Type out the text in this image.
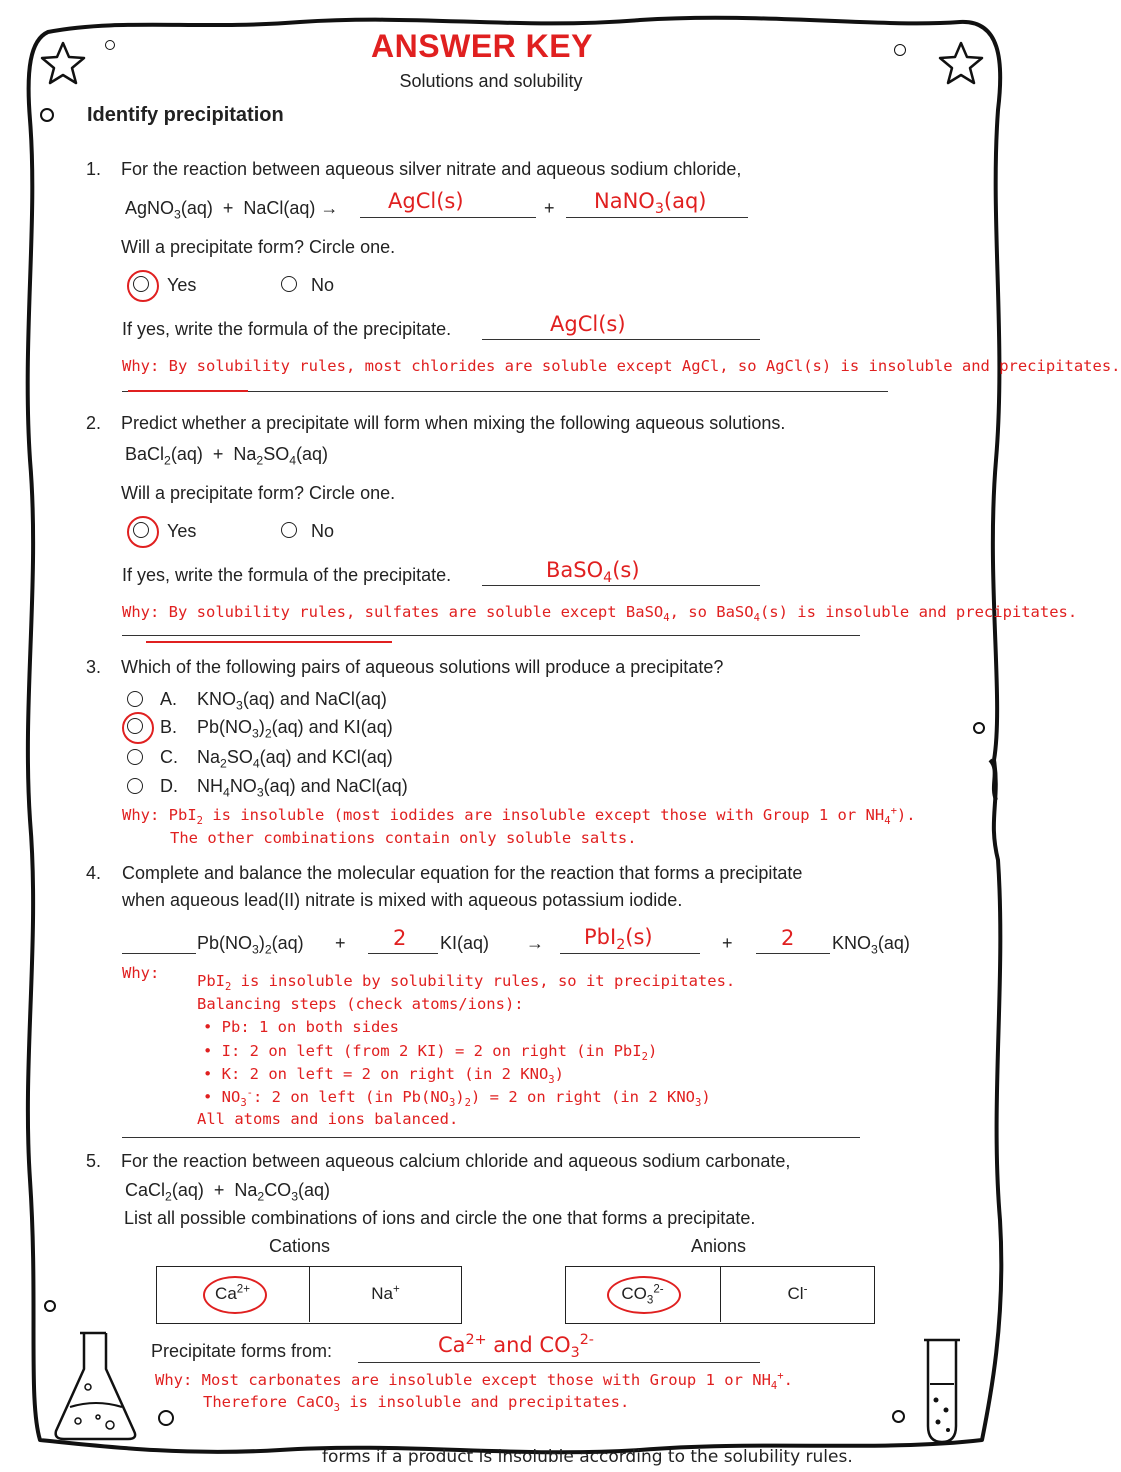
ANSWER KEY
Solutions and solubility
Identify precipitation
1. For the reaction between aqueous silver nitrate and aqueous sodium chloride,
AgNO$_3$(aq)  +  NaCl(aq) → AgCl(s)	+ NaNO$_3$(aq)
Will a precipitate form? Circle one.
Yes	No
If yes, write the formula of the precipitate.	AgCl(s)
Why: By solubility rules, most chlorides are soluble except AgCl, so AgCl(s) is insoluble and precipitates.
2. Predict whether a precipitate will form when mixing the following aqueous solutions.
BaCl$_2$(aq)  +  $Na_2SO_4(aq)$
Will a precipitate form? Circle one.
Yes	No
If yes, write the formula of the precipitate.	BaSO$_4$(s)
Why: By solubility rules, sulfates are soluble except BaSO$_4$, so BaSO$_4$(s) is insoluble and precipitates.
3. Which of the following pairs of aqueous solutions will produce a precipitate?
A. $KNO_3(aq)$ and NaCl(aq)
B. $Pb(NO_3)_2(aq)$ and KI(aq)
C. $Na_2SO_4(aq)$ and KCl(aq)
D. $NH_4NO_3(aq)$ and NaCl(aq)
Why: PbI$_2$ is insoluble (most iodides are insoluble except those with Group 1 or $NH_4^+$).
The other combinations contain only soluble salts.
4. Complete and balance the molecular equation for the reaction that forms a precipitate
when aqueous lead(II) nitrate is mixed with aqueous potassium iodide.
$Pb(NO_3)_2(aq) + 2$ KI(aq) → PbI$_2$(s)	+ 2 $KNO_3(aq)$
Why: PbI$_2$ is insoluble by solubility rules, so it precipitates.
Balancing steps (check atoms/ions):
• Pb: 1 on both sides
• I: 2 on left (from 2 KI) = 2 on right (in PbI$_2$)
• K: 2 on left = 2 on right (in 2 $KNO_3$)
• $NO_3^-$: 2 on left (in $Pb(NO_3)_2) = 2$ on right (in 2 $KNO_3$)
All atoms and ions balanced.
5. For the reaction between aqueous calcium chloride and aqueous sodium carbonate,
CaCl$_2$(aq)  +  $Na_2CO_3(aq)$
List all possible combinations of ions and circle the one that forms a precipitate.
Cations	Anions
$Ca^{2+}$	Na+	$CO_3^{2-}$	Cl-
Precipitate forms from:	$Ca^{2+}$ and $CO_3^{2-}$
Why: Most carbonates are insoluble except those with Group 1 or $NH_4^+$.
Therefore CaCO$_3$ is insoluble and precipitates.
forms if a product is insoluble according to the solubility rules.
